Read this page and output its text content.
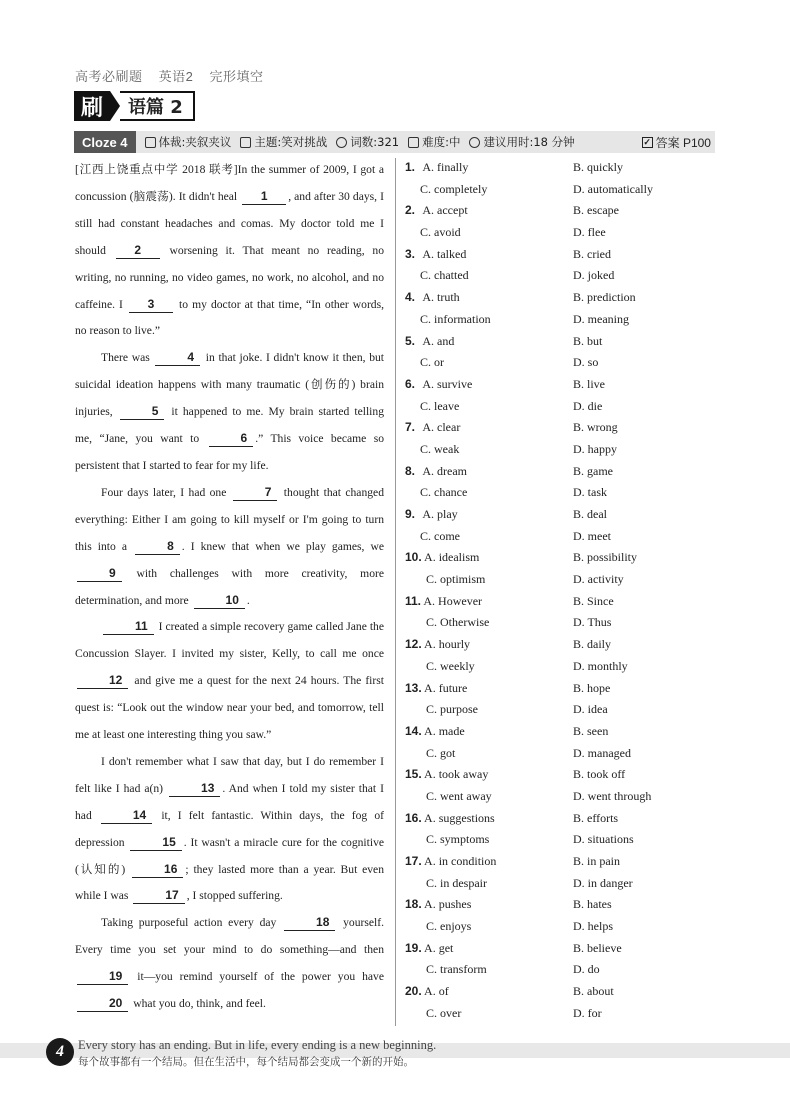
高考必刷题 英语2 完形填空
刷	语篇 2
Cloze 4	体裁:夹叙夹议 主题:笑对挑战 词数:321 难度:中 建议用时:18 分钟	✓ 答案 P100

[江西上饶重点中学 2018 联考]In the summer of 2009, I got a concussion (脑震荡). It didn't heal 1 , and after 30 days, I still had constant headaches and comas. My doctor told me I should 2 worsening it. That meant no reading, no writing, no running, no video games, no work, no alcohol, and no caffeine. I 3 to my doctor at that time, “In other words, no reason to live.”

There was	4 in that joke. I didn't know it then, but suicidal ideation happens with many traumatic (创伤的) brain injuries,	5 it happened to me. My brain started telling me, “Jane, you want to	6 .” This voice became so persistent that I started to fear for my life.

Four days later, I had one	7 thought that changed everything: Either I am going to kill myself or I'm going to turn this into a	8 . I knew that when we play games, we 9 with challenges with more creativity, more determination, and more	10 .

11 I created a simple recovery game called Jane the Concussion Slayer. I invited my sister, Kelly, to call me once 12 and give me a quest for the next 24 hours. The first quest is: “Look out the window near your bed, and tomorrow, tell me at least one interesting thing you saw.”

I don't remember what I saw that day, but I do remember I felt like I had a(n)	13 . And when I told my sister that I had	14 it, I felt fantastic. Within days, the fog of depression	15 . It wasn't a miracle cure for the cognitive (认知的)	16 ; they lasted more than a year. But even while I was	17 , I stopped suffering.

Taking purposeful action every day	18 yourself. Every time you set your mind to do something—and then 19 it—you remind yourself of the power you have 20 what you do, think, and feel.

1. A. finally	B. quickly
C. completely	D. automatically
2. A. accept	B. escape
C. avoid	D. flee
3. A. talked	B. cried
C. chatted	D. joked
4. A. truth	B. prediction
C. information	D. meaning
5. A. and	B. but
C. or	D. so
6. A. survive	B. live
C. leave	D. die
7. A. clear	B. wrong
C. weak	D. happy
8. A. dream	B. game
C. chance	D. task
9. A. play	B. deal
C. come	D. meet
10. A. idealism	B. possibility
C. optimism	D. activity
11. A. However	B. Since
C. Otherwise	D. Thus
12. A. hourly	B. daily
C. weekly	D. monthly
13. A. future	B. hope
C. purpose	D. idea
14. A. made	B. seen
C. got	D. managed
15. A. took away	B. took off
C. went away	D. went through
16. A. suggestions	B. efforts
C. symptoms	D. situations
17. A. in condition	B. in pain
C. in despair	D. in danger
18. A. pushes	B. hates
C. enjoys	D. helps
19. A. get	B. believe
C. transform	D. do
20. A. of	B. about
C. over	D. for
4	Every story has an ending. But in life, every ending is a new beginning.
每个故事都有一个结局。但在生活中，每个结局都会变成一个新的开始。
